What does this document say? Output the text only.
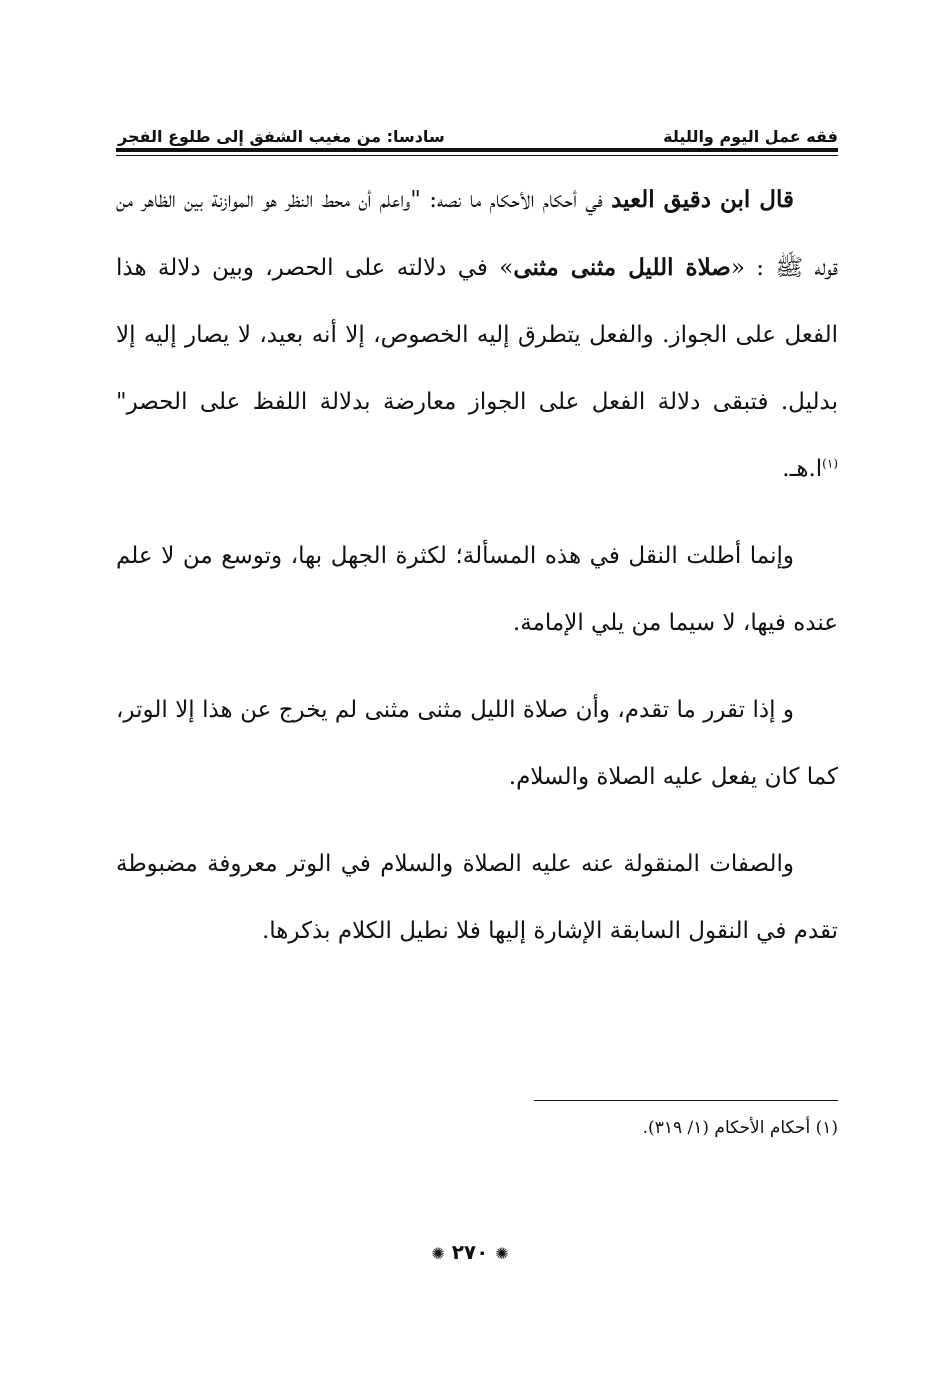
فقه عمل اليوم والليلة
سادسا: من مغيب الشفق إلى طلوع الفجر

قال ابن دقيق العيد في أحكام الأحكام ما نصه: "واعلم أن محط النظر هو الموازنة بين الظاهر من قوله ﷺ : «صلاة الليل مثنى مثنى» في دلالته على الحصر، وبين دلالة هذا الفعل على الجواز. والفعل يتطرق إليه الخصوص، إلا أنه بعيد، لا يصار إليه إلا بدليل. فتبقى دلالة الفعل على الجواز معارضة بدلالة اللفظ على الحصر"$^{(١)}$ا.هـ.

وإنما أطلت النقل في هذه المسألة؛ لكثرة الجهل بها، وتوسع من لا علم عنده فيها، لا سيما من يلي الإمامة.

و إذا تقرر ما تقدم، وأن صلاة الليل مثنى مثنى لم يخرج عن هذا إلا الوتر، كما كان يفعل عليه الصلاة والسلام.

والصفات المنقولة عنه عليه الصلاة والسلام في الوتر معروفة مضبوطة تقدم في النقول السابقة الإشارة إليها فلا نطيل الكلام بذكرها.

(١) أحكام الأحكام (١/ ٣١٩).
✺ ٢٧٠ ✺
